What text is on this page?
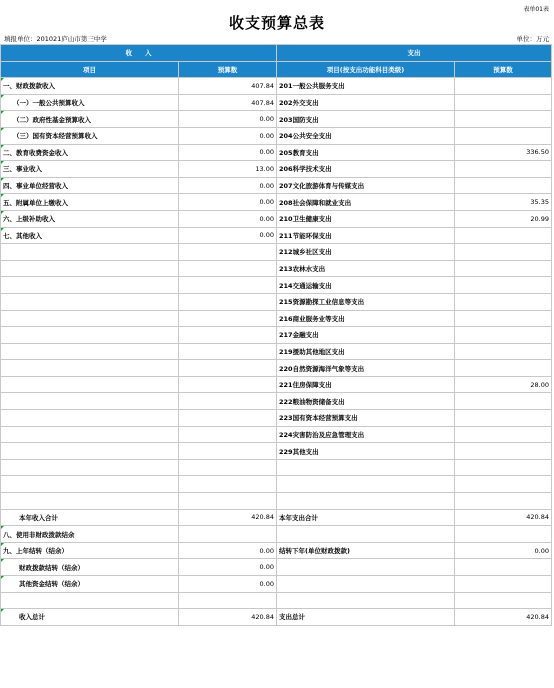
表单01表
收支预算总表
填报单位：201021庐山市第三中学	单位：万元
收　　入		支出	
项目	预算数	项目(按支出功能科目类级)	预算数
一、财政拨款收入	407.84	201一般公共服务支出	
（一）一般公共预算收入	407.84	202外交支出	
（二）政府性基金预算收入	0.00	203国防支出	
（三）国有资本经营预算收入	0.00	204公共安全支出	
二、教育收费资金收入	0.00	205教育支出	336.50
三、事业收入	13.00	206科学技术支出	
四、事业单位经营收入	0.00	207文化旅游体育与传媒支出	
五、附属单位上缴收入	0.00	208社会保障和就业支出	35.35
六、上级补助收入	0.00	210卫生健康支出	20.99
七、其他收入	0.00	211节能环保支出	
		212城乡社区支出	
		213农林水支出	
		214交通运输支出	
		215资源勘探工业信息等支出	
		216商业服务业等支出	
		217金融支出	
		219援助其他地区支出	
		220自然资源海洋气象等支出	
		221住房保障支出	28.00
		222粮油物资储备支出	
		223国有资本经营预算支出	
		224灾害防治及应急管理支出	
		229其他支出	

本年收入合计	420.84	本年支出合计	420.84
八、使用非财政拨款结余			
九、上年结转（结余）	0.00	结转下年(单位财政拨款)	0.00
财政拨款结转（结余）	0.00		
其他资金结转（结余）	0.00		

收入总计	420.84	支出总计	420.84
